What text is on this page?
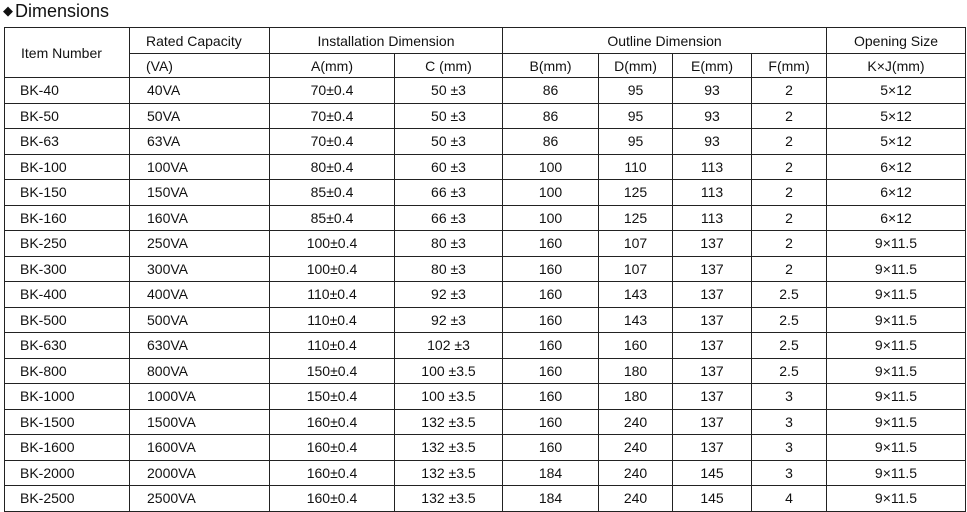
◆ Dimensions
Item Number	Rated Capacity	Installation Dimension		Outline Dimension				Opening Size
	(VA)	A(mm)	C (mm)	B(mm)	D(mm)	E(mm)	F(mm)	K×J(mm)
BK-40	40VA	70±0.4	50 ±3	86	95	93	2	5×12
BK-50	50VA	70±0.4	50 ±3	86	95	93	2	5×12
BK-63	63VA	70±0.4	50 ±3	86	95	93	2	5×12
BK-100	100VA	80±0.4	60 ±3	100	110	113	2	6×12
BK-150	150VA	85±0.4	66 ±3	100	125	113	2	6×12
BK-160	160VA	85±0.4	66 ±3	100	125	113	2	6×12
BK-250	250VA	100±0.4	80 ±3	160	107	137	2	9×11.5
BK-300	300VA	100±0.4	80 ±3	160	107	137	2	9×11.5
BK-400	400VA	110±0.4	92 ±3	160	143	137	2.5	9×11.5
BK-500	500VA	110±0.4	92 ±3	160	143	137	2.5	9×11.5
BK-630	630VA	110±0.4	102 ±3	160	160	137	2.5	9×11.5
BK-800	800VA	150±0.4	100 ±3.5	160	180	137	2.5	9×11.5
BK-1000	1000VA	150±0.4	100 ±3.5	160	180	137	3	9×11.5
BK-1500	1500VA	160±0.4	132 ±3.5	160	240	137	3	9×11.5
BK-1600	1600VA	160±0.4	132 ±3.5	160	240	137	3	9×11.5
BK-2000	2000VA	160±0.4	132 ±3.5	184	240	145	3	9×11.5
BK-2500	2500VA	160±0.4	132 ±3.5	184	240	145	4	9×11.5
